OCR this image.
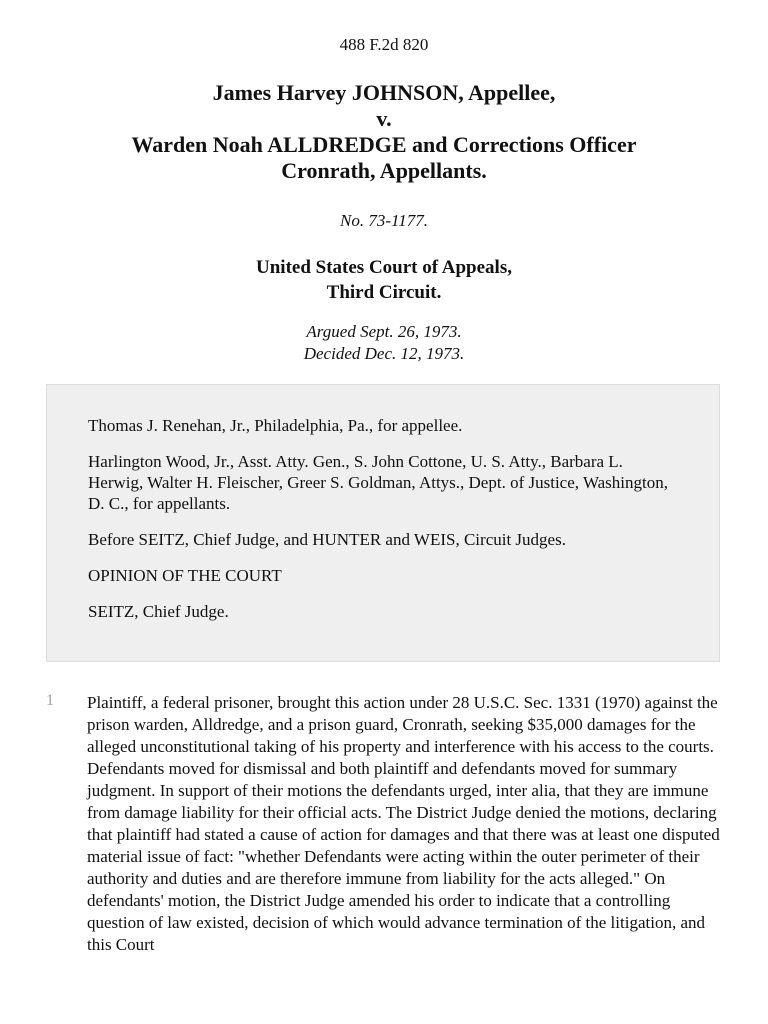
488 F.2d 820
James Harvey JOHNSON, Appellee,
v.
Warden Noah ALLDREDGE and Corrections Officer
Cronrath, Appellants.
No. 73-1177.
United States Court of Appeals,
Third Circuit.
Argued Sept. 26, 1973.
Decided Dec. 12, 1973.

Thomas J. Renehan, Jr., Philadelphia, Pa., for appellee.

Harlington Wood, Jr., Asst. Atty. Gen., S. John Cottone, U. S. Atty., Barbara L. Herwig, Walter H. Fleischer, Greer S. Goldman, Attys., Dept. of Justice, Washington, D. C., for appellants.

Before SEITZ, Chief Judge, and HUNTER and WEIS, Circuit Judges.

OPINION OF THE COURT

SEITZ, Chief Judge.

1 Plaintiff, a federal prisoner, brought this action under 28 U.S.C. Sec. 1331 (1970) against the prison warden, Alldredge, and a prison guard, Cronrath, seeking $35,000 damages for the alleged unconstitutional taking of his property and interference with his access to the courts. Defendants moved for dismissal and both plaintiff and defendants moved for summary judgment. In support of their motions the defendants urged, inter alia, that they are immune from damage liability for their official acts. The District Judge denied the motions, declaring that plaintiff had stated a cause of action for damages and that there was at least one disputed material issue of fact: "whether Defendants were acting within the outer perimeter of their authority and duties and are therefore immune from liability for the acts alleged." On defendants' motion, the District Judge amended his order to indicate that a controlling question of law existed, decision of which would advance termination of the litigation, and this Court
